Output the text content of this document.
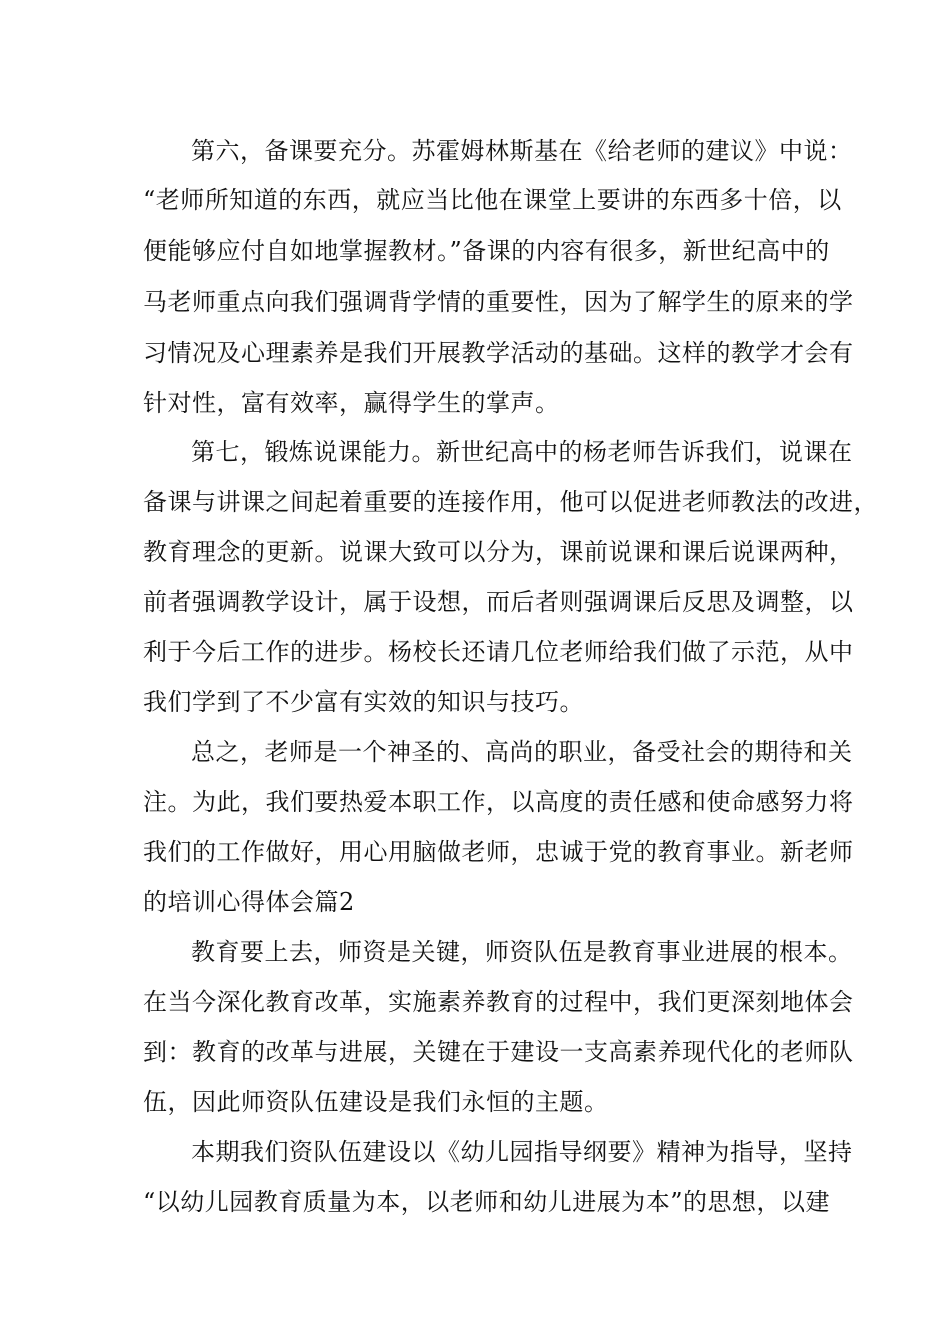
第六，备课要充分。苏霍姆林斯基在《给老师的建议》中说：
“老师所知道的东西，就应当比他在课堂上要讲的东西多十倍，以
便能够应付自如地掌握教材。”备课的内容有很多，新世纪高中的
马老师重点向我们强调背学情的重要性，因为了解学生的原来的学
习情况及心理素养是我们开展教学活动的基础。这样的教学才会有
针对性，富有效率，赢得学生的掌声。
第七，锻炼说课能力。新世纪高中的杨老师告诉我们，说课在
备课与讲课之间起着重要的连接作用，他可以促进老师教法的改进，
教育理念的更新。说课大致可以分为，课前说课和课后说课两种，
前者强调教学设计，属于设想，而后者则强调课后反思及调整，以
利于今后工作的进步。杨校长还请几位老师给我们做了示范，从中
我们学到了不少富有实效的知识与技巧。
总之，老师是一个神圣的、高尚的职业，备受社会的期待和关
注。为此，我们要热爱本职工作，以高度的责任感和使命感努力将
我们的工作做好，用心用脑做老师，忠诚于党的教育事业。新老师
的培训心得体会篇2
教育要上去，师资是关键，师资队伍是教育事业进展的根本。
在当今深化教育改革，实施素养教育的过程中，我们更深刻地体会
到：教育的改革与进展，关键在于建设一支高素养现代化的老师队
伍，因此师资队伍建设是我们永恒的主题。
本期我们资队伍建设以《幼儿园指导纲要》精神为指导，坚持
“以幼儿园教育质量为本，以老师和幼儿进展为本”的思想，以建
